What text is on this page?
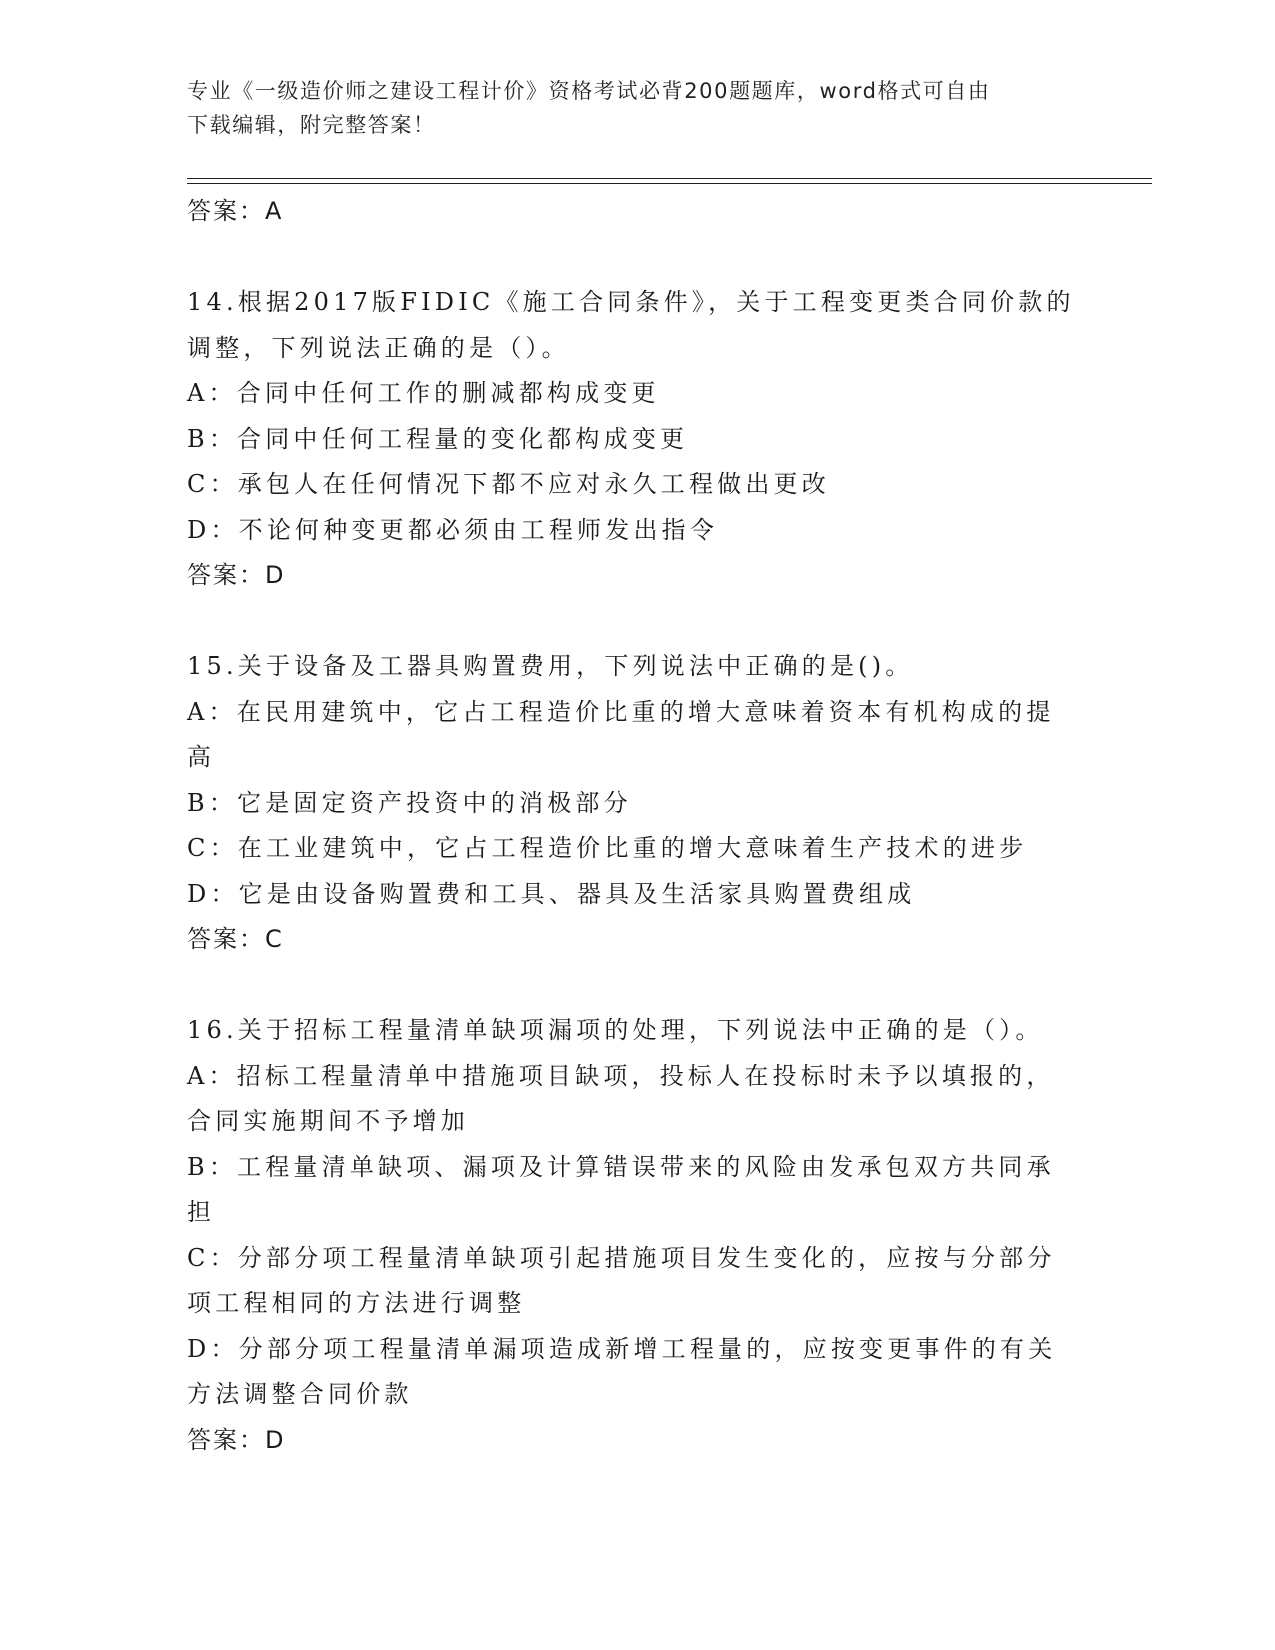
专业《一级造价师之建设工程计价》资格考试必背200题题库，word格式可自由
下载编辑，附完整答案！
答案：A
14.根据2017版FIDIC《施工合同条件》，关于工程变更类合同价款的
调整，下列说法正确的是（）。
A：合同中任何工作的删减都构成变更
B：合同中任何工程量的变化都构成变更
C：承包人在任何情况下都不应对永久工程做出更改
D：不论何种变更都必须由工程师发出指令
答案：D
15.关于设备及工器具购置费用，下列说法中正确的是()。
A：在民用建筑中，它占工程造价比重的增大意味着资本有机构成的提
高
B：它是固定资产投资中的消极部分
C：在工业建筑中，它占工程造价比重的增大意味着生产技术的进步
D：它是由设备购置费和工具、器具及生活家具购置费组成
答案：C
16.关于招标工程量清单缺项漏项的处理，下列说法中正确的是（）。
A：招标工程量清单中措施项目缺项，投标人在投标时未予以填报的，
合同实施期间不予增加
B：工程量清单缺项、漏项及计算错误带来的风险由发承包双方共同承
担
C：分部分项工程量清单缺项引起措施项目发生变化的，应按与分部分
项工程相同的方法进行调整
D：分部分项工程量清单漏项造成新增工程量的，应按变更事件的有关
方法调整合同价款
答案：D
